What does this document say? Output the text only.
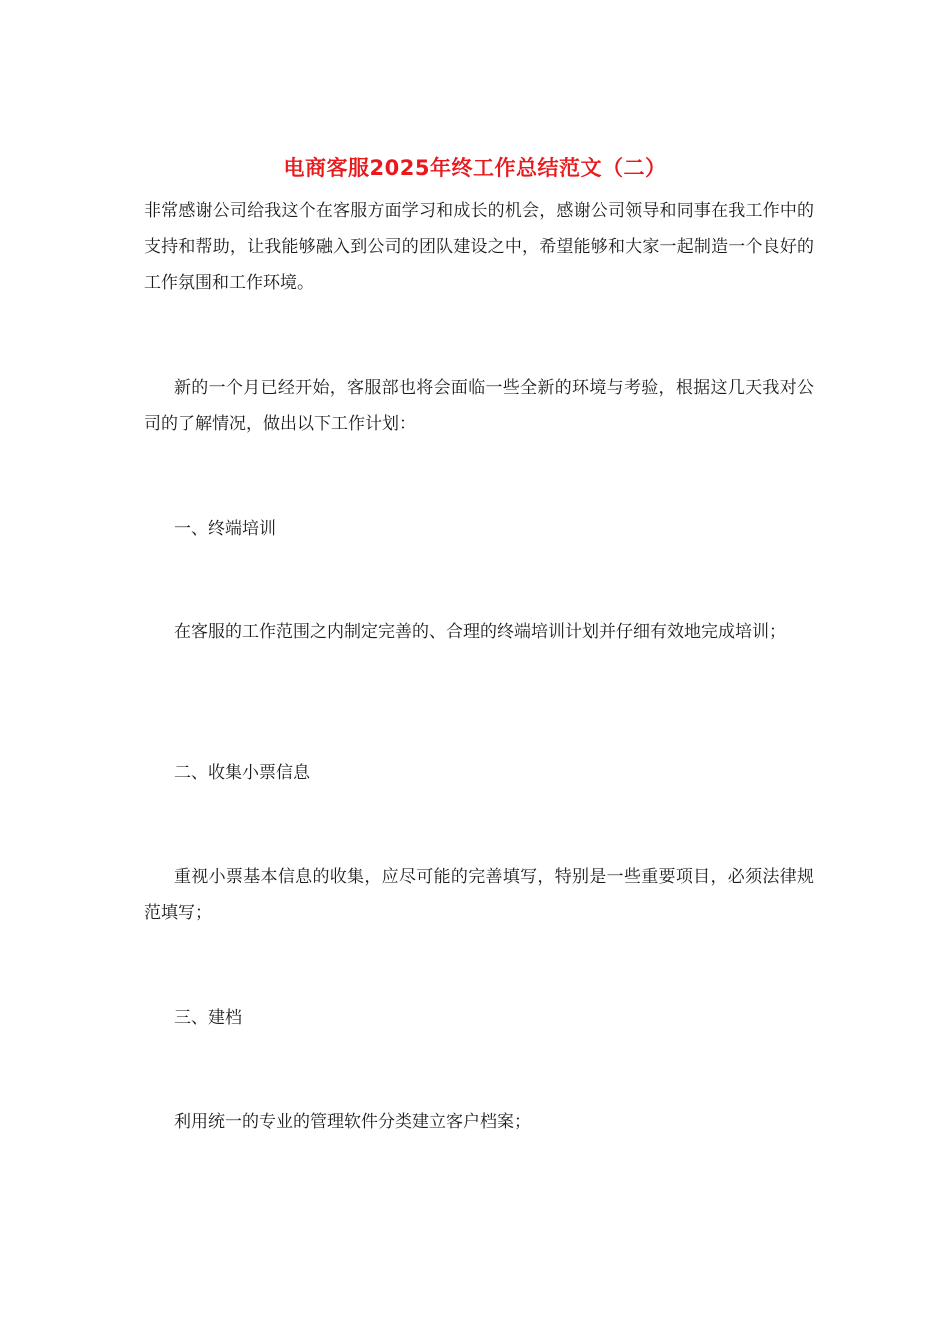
电商客服2025年终工作总结范文（二）

非常感谢公司给我这个在客服方面学习和成长的机会，感谢公司领导和同事在我工作中的支持和帮助，让我能够融入到公司的团队建设之中，希望能够和大家一起制造一个良好的工作氛围和工作环境。

新的一个月已经开始，客服部也将会面临一些全新的环境与考验，根据这几天我对公司的了解情况，做出以下工作计划：

一、终端培训

在客服的工作范围之内制定完善的、合理的终端培训计划并仔细有效地完成培训；

二、收集小票信息

重视小票基本信息的收集，应尽可能的完善填写，特别是一些重要项目，必须法律规范填写；

三、建档

利用统一的专业的管理软件分类建立客户档案；
